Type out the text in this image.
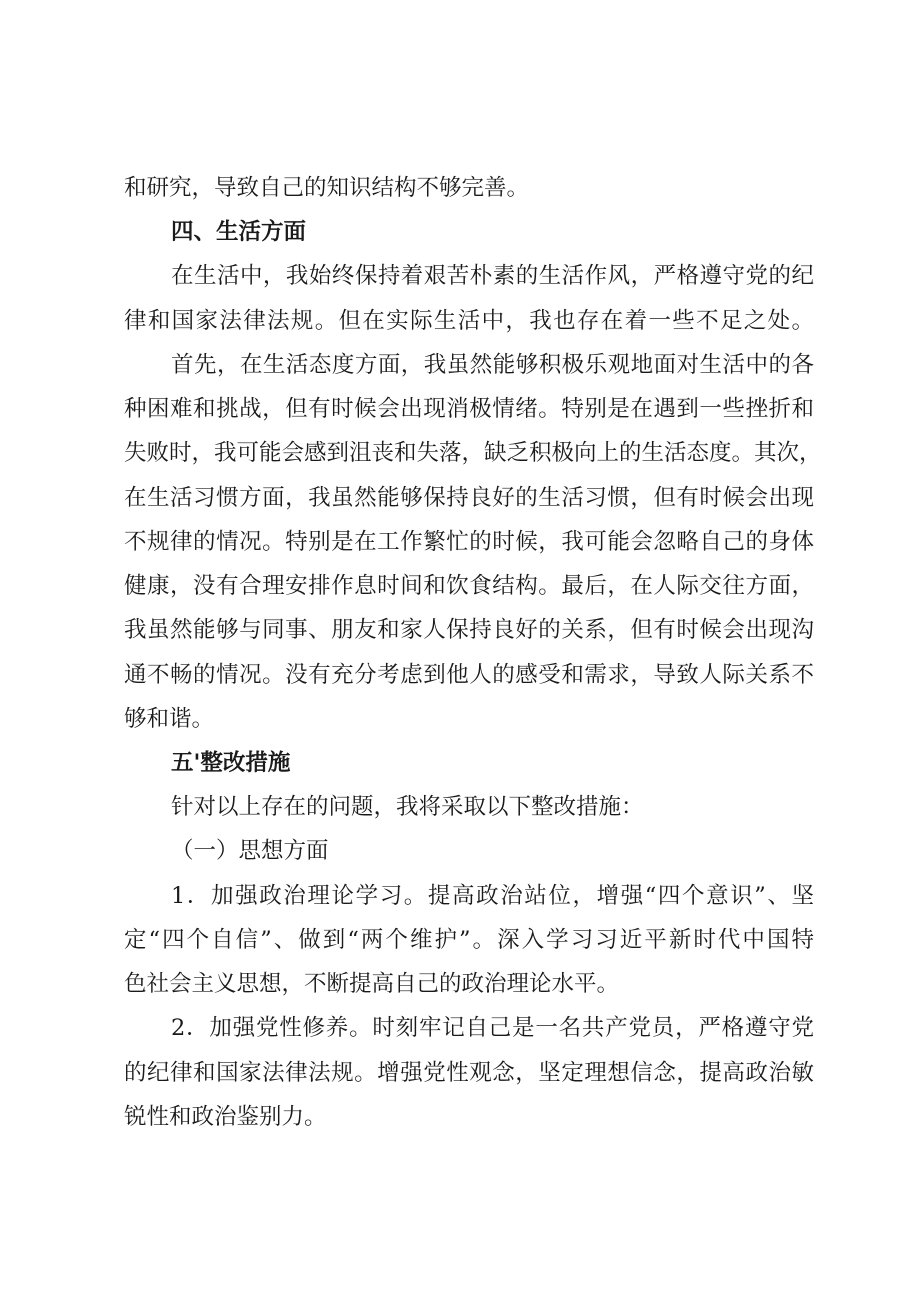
和研究，导致自己的知识结构不够完善。
四、生活方面
在生活中，我始终保持着艰苦朴素的生活作风，严格遵守党的纪
律和国家法律法规。但在实际生活中，我也存在着一些不足之处。
首先，在生活态度方面，我虽然能够积极乐观地面对生活中的各
种困难和挑战，但有时候会出现消极情绪。特别是在遇到一些挫折和
失败时，我可能会感到沮丧和失落，缺乏积极向上的生活态度。其次，
在生活习惯方面，我虽然能够保持良好的生活习惯，但有时候会出现
不规律的情况。特别是在工作繁忙的时候，我可能会忽略自己的身体
健康，没有合理安排作息时间和饮食结构。最后，在人际交往方面，
我虽然能够与同事、朋友和家人保持良好的关系，但有时候会出现沟
通不畅的情况。没有充分考虑到他人的感受和需求，导致人际关系不
够和谐。
五'整改措施
针对以上存在的问题，我将采取以下整改措施：
（一）思想方面
1．加强政治理论学习。提高政治站位，增强“四个意识”、坚
定“四个自信”、做到“两个维护”。深入学习习近平新时代中国特
色社会主义思想，不断提高自己的政治理论水平。
2．加强党性修养。时刻牢记自己是一名共产党员，严格遵守党
的纪律和国家法律法规。增强党性观念，坚定理想信念，提高政治敏
锐性和政治鉴别力。
